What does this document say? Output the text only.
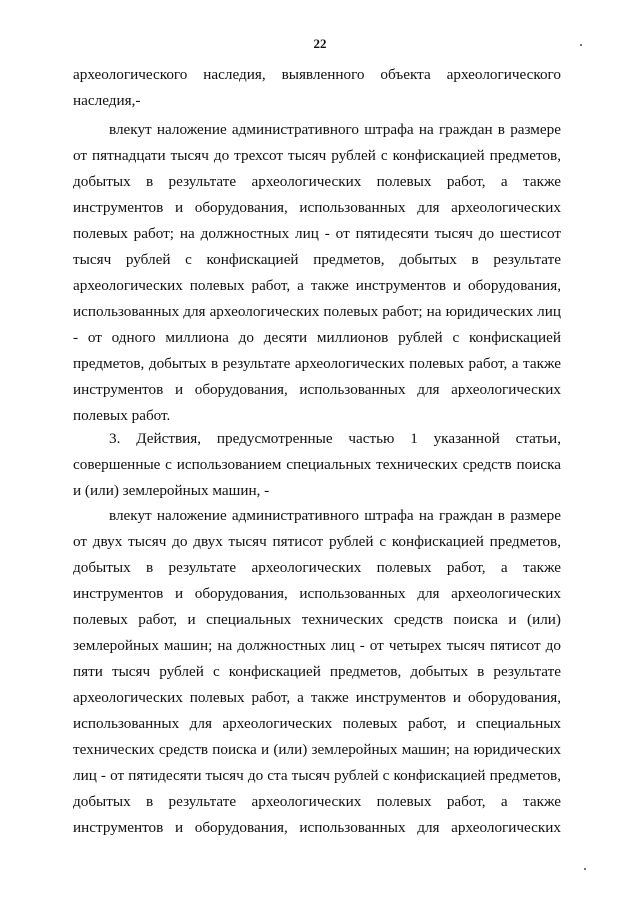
22
археологического наследия, выявленного объекта археологического
наследия,-
влекут наложение административного штрафа на граждан в размере
от пятнадцати тысяч до трехсот тысяч рублей с конфискацией предметов,
добытых в результате археологических полевых работ, а также
инструментов и оборудования, использованных для археологических
полевых работ; на должностных лиц - от пятидесяти тысяч до шестисот
тысяч рублей с конфискацией предметов, добытых в результате
археологических полевых работ, а также инструментов и оборудования,
использованных для археологических полевых работ; на юридических лиц
- от одного миллиона до десяти миллионов рублей с конфискацией
предметов, добытых в результате археологических полевых работ, а также
инструментов и оборудования, использованных для археологических
полевых работ.
3. Действия, предусмотренные частью 1 указанной статьи,
совершенные с использованием специальных технических средств поиска
и (или) землеройных машин, -
влекут наложение административного штрафа на граждан в размере
от двух тысяч до двух тысяч пятисот рублей с конфискацией предметов,
добытых в результате археологических полевых работ, а также
инструментов и оборудования, использованных для археологических
полевых работ, и специальных технических средств поиска и (или)
землеройных машин; на должностных лиц - от четырех тысяч пятисот до
пяти тысяч рублей с конфискацией предметов, добытых в результате
археологических полевых работ, а также инструментов и оборудования,
использованных для археологических полевых работ, и специальных
технических средств поиска и (или) землеройных машин; на юридических
лиц - от пятидесяти тысяч до ста тысяч рублей с конфискацией предметов,
добытых в результате археологических полевых работ, а также
инструментов и оборудования, использованных для археологических
